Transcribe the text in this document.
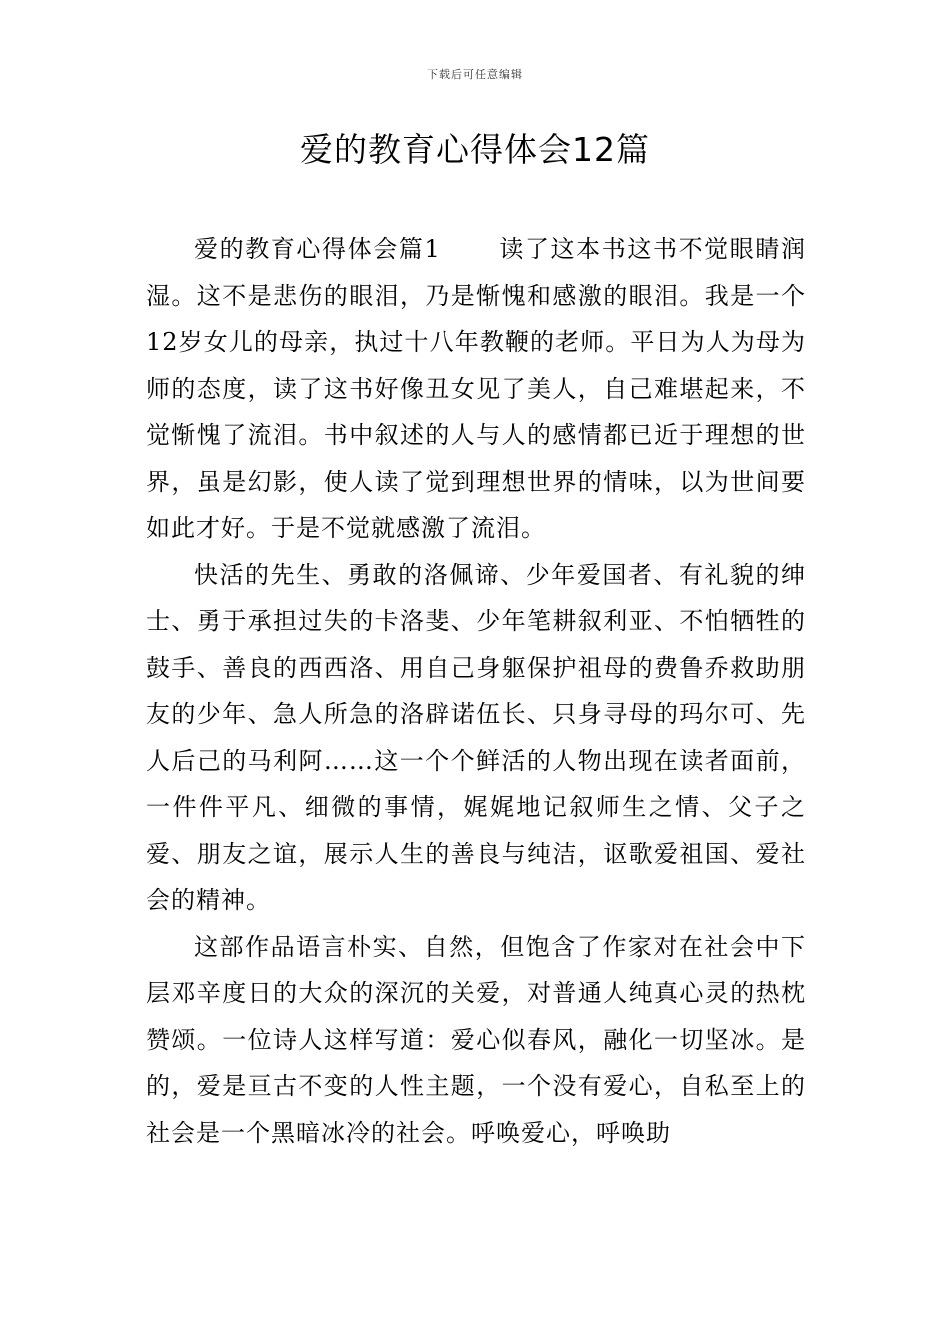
下载后可任意编辑
爱的教育心得体会12篇

爱的教育心得体会篇1 读了这本书这书不觉眼睛润湿。这不是悲伤的眼泪，乃是惭愧和感激的眼泪。我是一个12岁女儿的母亲，执过十八年教鞭的老师。平日为人为母为师的态度，读了这书好像丑女见了美人，自己难堪起来，不觉惭愧了流泪。书中叙述的人与人的感情都已近于理想的世界，虽是幻影，使人读了觉到理想世界的情味，以为世间要如此才好。于是不觉就感激了流泪。

快活的先生、勇敢的洛佩谛、少年爱国者、有礼貌的绅士、勇于承担过失的卡洛斐、少年笔耕叙利亚、不怕牺牲的鼓手、善良的西西洛、用自己身躯保护祖母的费鲁乔救助朋友的少年、急人所急的洛辟诺伍长、只身寻母的玛尔可、先人后己的马利阿……这一个个鲜活的人物出现在读者面前，一件件平凡、细微的事情，娓娓地记叙师生之情、父子之爱、朋友之谊，展示人生的善良与纯洁，讴歌爱祖国、爱社会的精神。

这部作品语言朴实、自然，但饱含了作家对在社会中下层邓辛度日的大众的深沉的关爱，对普通人纯真心灵的热枕赞颂。一位诗人这样写道：爱心似春风，融化一切坚冰。是的，爱是亘古不变的人性主题，一个没有爱心，自私至上的社会是一个黑暗冰冷的社会。呼唤爱心，呼唤助
